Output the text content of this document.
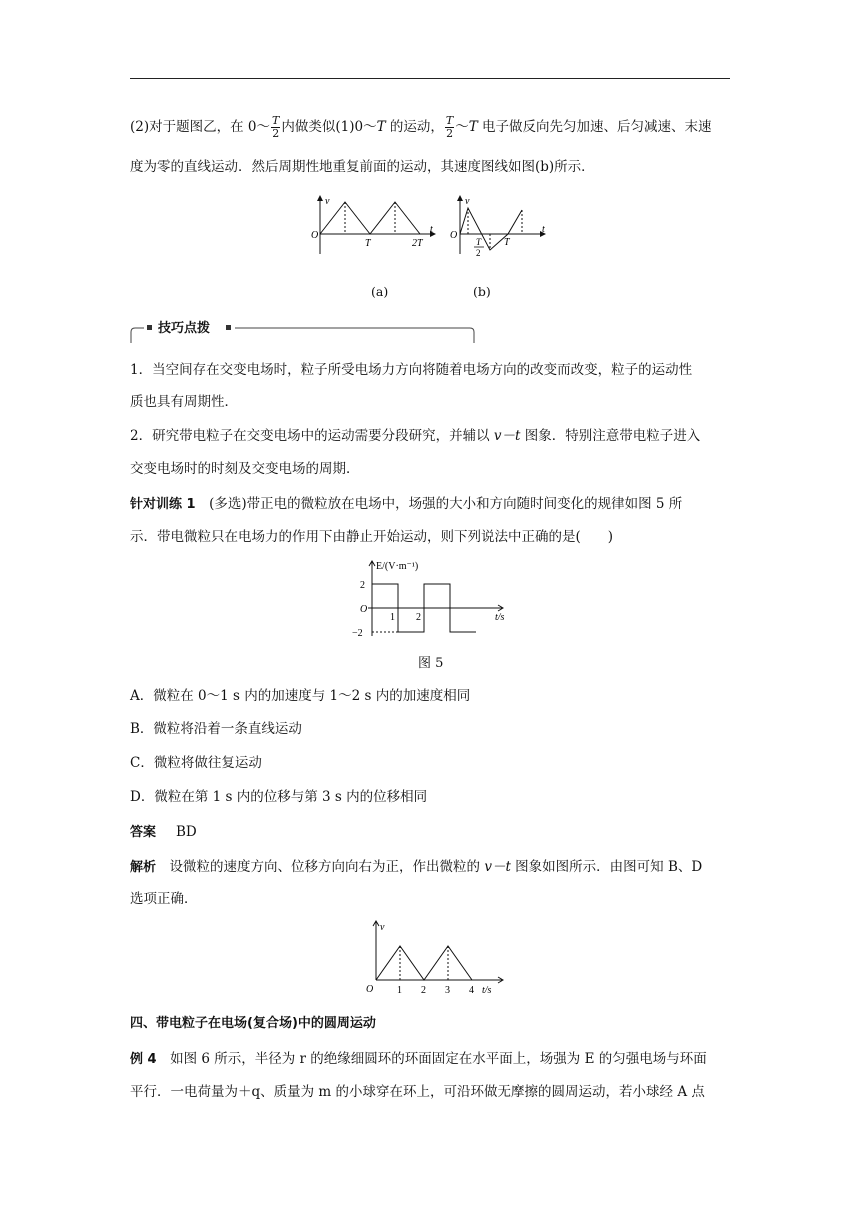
(2)对于题图乙，在 0～ $\frac{T}{2}$ 内做类似(1)0～T 的运动， $\frac{T}{2}$ ～T 电子做反向先匀加速、后匀减速、末速
度为零的直线运动．然后周期性地重复前面的运动，其速度图线如图(b)所示．
v
O
T	2T
t
v
O
T
2
T
t
(a)	(b)
技巧点拨
1．当空间存在交变电场时，粒子所受电场力方向将随着电场方向的改变而改变，粒子的运动性
质也具有周期性．
2．研究带电粒子在交变电场中的运动需要分段研究，并辅以 v－t 图象．特别注意带电粒子进入
交变电场时的时刻及交变电场的周期．
针对训练 1　(多选)带正电的微粒放在电场中，场强的大小和方向随时间变化的规律如图 5 所
示．带电微粒只在电场力的作用下由静止开始运动，则下列说法中正确的是(　　)
E/(V·m⁻¹)
2
−2
O
1 2	t/s
图 5
A．微粒在 0～1 s 内的加速度与 1～2 s 内的加速度相同
B．微粒将沿着一条直线运动
C．微粒将做往复运动
D．微粒在第 1 s 内的位移与第 3 s 内的位移相同
答案 BD
解析　设微粒的速度方向、位移方向向右为正，作出微粒的 v－t 图象如图所示．由图可知 B、D
选项正确．
v
O 1 2 3 4 t/s
四、带电粒子在电场(复合场)中的圆周运动
例 4　如图 6 所示，半径为 r 的绝缘细圆环的环面固定在水平面上，场强为 E 的匀强电场与环面
平行．一电荷量为＋q、质量为 m 的小球穿在环上，可沿环做无摩擦的圆周运动，若小球经 A 点
